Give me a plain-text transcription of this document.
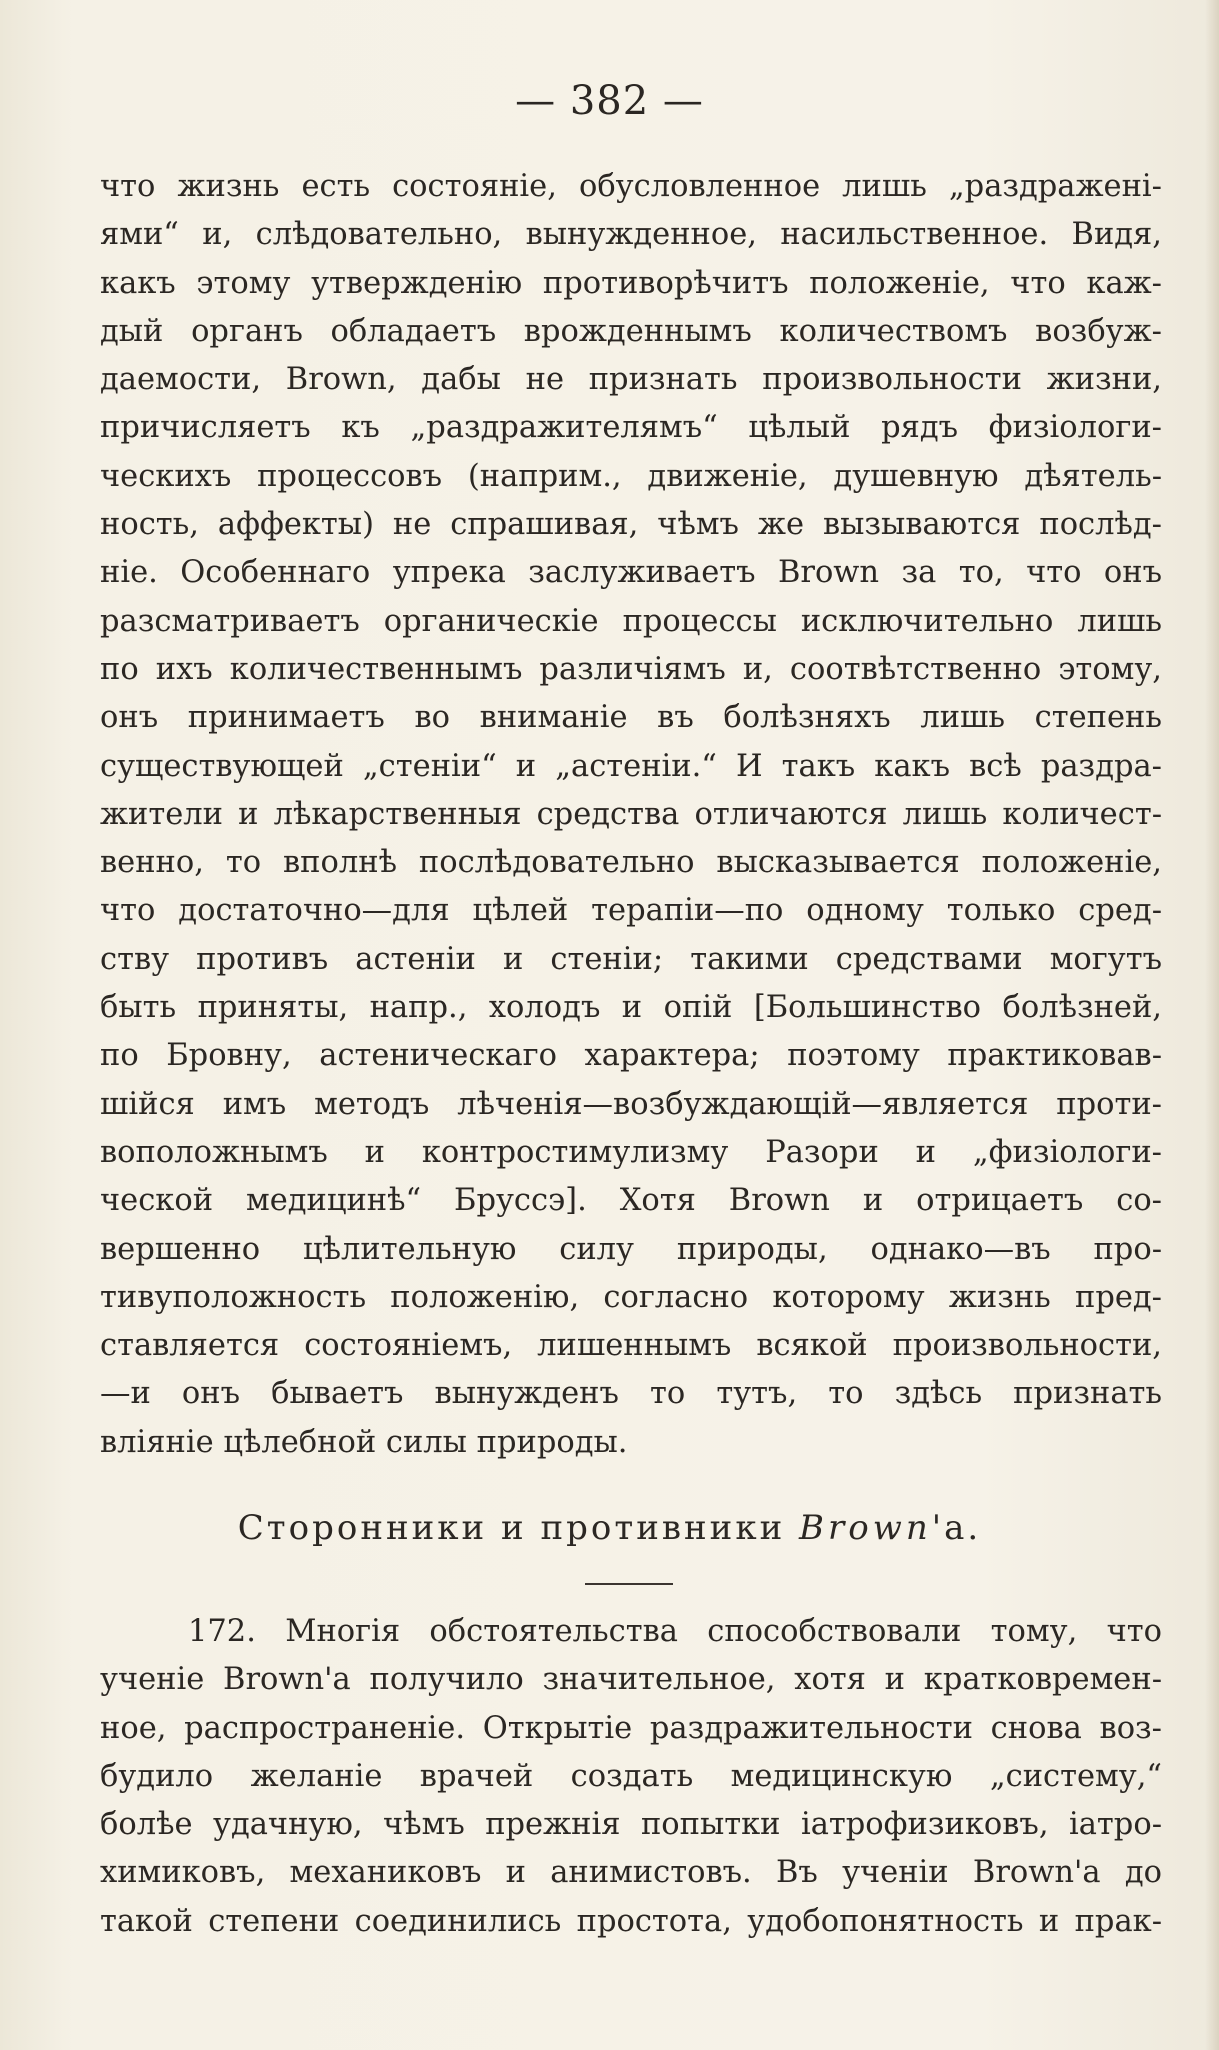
— 382 —
что жизнь есть состоянiе, обусловленное лишь „раздраженi-
ями“ и, слѣдовательно, вынужденное, насильственное. Видя,
какъ этому утвержденiю противорѣчитъ положенiе, что каж-
дый органъ обладаетъ врожденнымъ количествомъ возбуж-
даемости, Brown, дабы не признать произвольности жизни,
причисляетъ къ „раздражителямъ“ цѣлый рядъ физiологи-
ческихъ процессовъ (наприм., движенiе, душевную дѣятель-
ность, аффекты) не спрашивая, чѣмъ же вызываются послѣд-
нiе. Особеннаго упрека заслуживаетъ Brown за то, что онъ
разсматриваетъ органическiе процессы исключительно лишь
по ихъ количественнымъ различiямъ и, соотвѣтственно этому,
онъ принимаетъ во вниманiе въ болѣзняхъ лишь степень
существующей „стенiи“ и „астенiи.“ И такъ какъ всѣ раздра-
жители и лѣкарственныя средства отличаются лишь количест-
венно, то вполнѣ послѣдовательно высказывается положенiе,
что достаточно—для цѣлей терапiи—по одному только сред-
ству противъ астенiи и стенiи; такими средствами могутъ
быть приняты, напр., холодъ и опiй [Большинство болѣзней,
по Бровну, астеническаго характера; поэтому практиковав-
шiйся имъ методъ лѣченiя—возбуждающiй—является проти-
воположнымъ и контростимулизму Разори и „физiологи-
ческой медицинѣ“ Бруссэ]. Хотя Brown и отрицаетъ со-
вершенно цѣлительную силу природы, однако—въ про-
тивуположность положенiю, согласно которому жизнь пред-
ставляется состоянiемъ, лишеннымъ всякой произвольности,
—и онъ бываетъ вынужденъ то тутъ, то здѣсь признать
влiянiе цѣлебной силы природы.
Сторонники и противники Brown'а.
172. Многiя обстоятельства способствовали тому, что
ученiе Brown'а получило значительное, хотя и кратковремен-
ное, распространенiе. Открытiе раздражительности снова воз-
будило желанiе врачей создать медицинскую „систему,“
болѣе удачную, чѣмъ прежнiя попытки iатрофизиковъ, iатро-
химиковъ, механиковъ и анимистовъ. Въ ученiи Brown'а до
такой степени соединились простота, удобопонятность и прак-
